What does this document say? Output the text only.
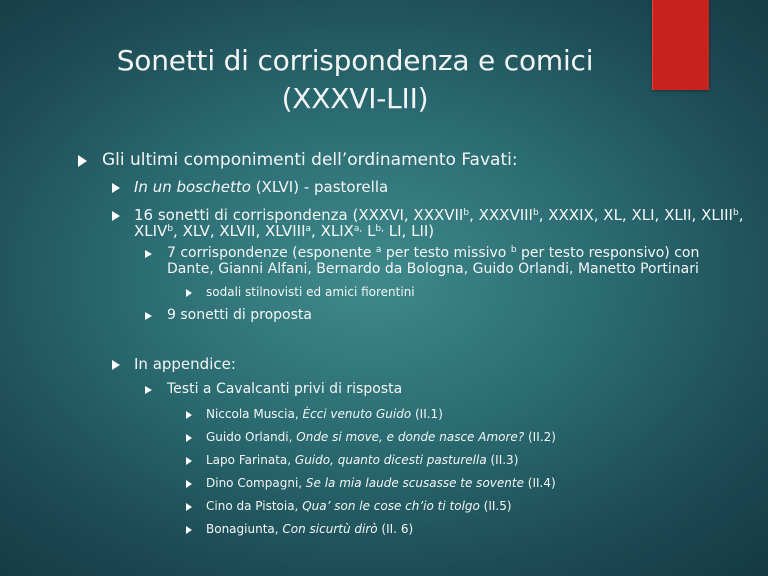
Sonetti di corrispondenza e comici
(XXXVI-LII)
Gli ultimi componimenti dell’ordinamento Favati:
In un boschetto (XLVI) - pastorella
16 sonetti di corrispondenza (XXXVI, XXXVII$^b$, XXXVIII$^b$, XXXIX, XL, XLI, XLII, XLIII$^b$,
XLIV$^b$, XLV, XLVII, XLVIII$^a$, $XLIX^{a,}$ $L^{b,}$ LI, LII)
7 corrispondenze (esponente $^a$ per testo missivo $^b$ per testo responsivo) con
Dante, Gianni Alfani, Bernardo da Bologna, Guido Orlandi, Manetto Portinari
sodali stilnovisti ed amici fiorentini
9 sonetti di proposta
In appendice:
Testi a Cavalcanti privi di risposta
Niccola Muscia, Ècci venuto Guido (II.1)
Guido Orlandi, Onde si move, e donde nasce Amore? (II.2)
Lapo Farinata, Guido, quanto dicesti pasturella (II.3)
Dino Compagni, Se la mia laude scusasse te sovente (II.4)
Cino da Pistoia, Qua’ son le cose ch’io ti tolgo (II.5)
Bonagiunta, Con sicurtù dirò (II. 6)
